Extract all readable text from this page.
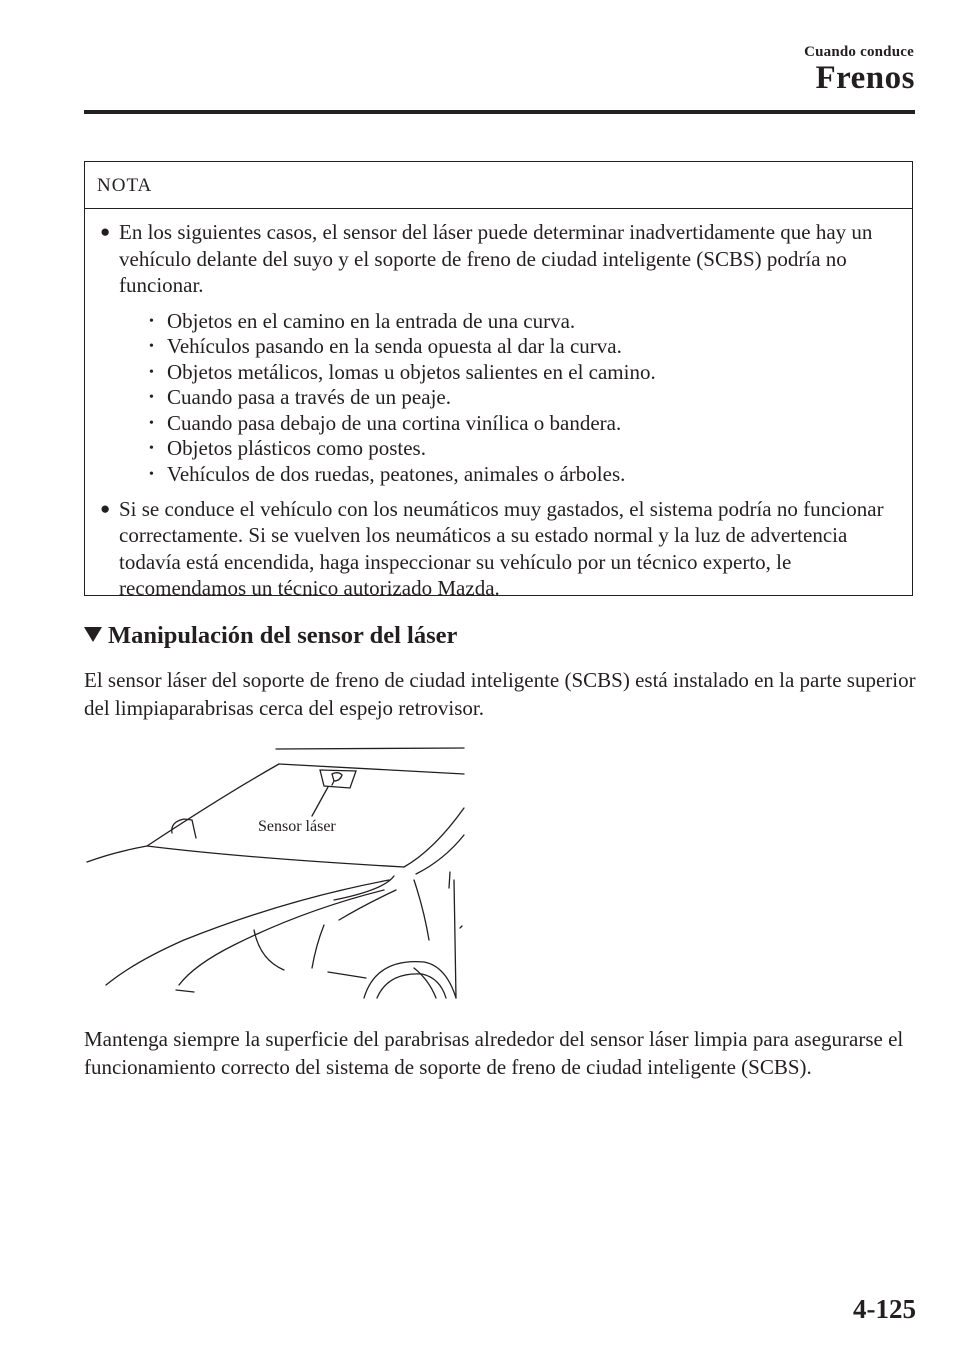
Cuando conduce
Frenos
NOTA
● En los siguientes casos, el sensor del láser puede determinar inadvertidamente que hay un vehículo delante del suyo y el soporte de freno de ciudad inteligente (SCBS) podría no funcionar.
• Objetos en el camino en la entrada de una curva.
• Vehículos pasando en la senda opuesta al dar la curva.
• Objetos metálicos, lomas u objetos salientes en el camino.
• Cuando pasa a través de un peaje.
• Cuando pasa debajo de una cortina vinílica o bandera.
• Objetos plásticos como postes.
• Vehículos de dos ruedas, peatones, animales o árboles.
● Si se conduce el vehículo con los neumáticos muy gastados, el sistema podría no funcionar correctamente. Si se vuelven los neumáticos a su estado normal y la luz de advertencia todavía está encendida, haga inspeccionar su vehículo por un técnico experto, le recomendamos un técnico autorizado Mazda.
Manipulación del sensor del láser
El sensor láser del soporte de freno de ciudad inteligente (SCBS) está instalado en la parte superior del limpiaparabrisas cerca del espejo retrovisor.
Sensor láser
Mantenga siempre la superficie del parabrisas alrededor del sensor láser limpia para asegurarse el funcionamiento correcto del sistema de soporte de freno de ciudad inteligente (SCBS).
4-125
